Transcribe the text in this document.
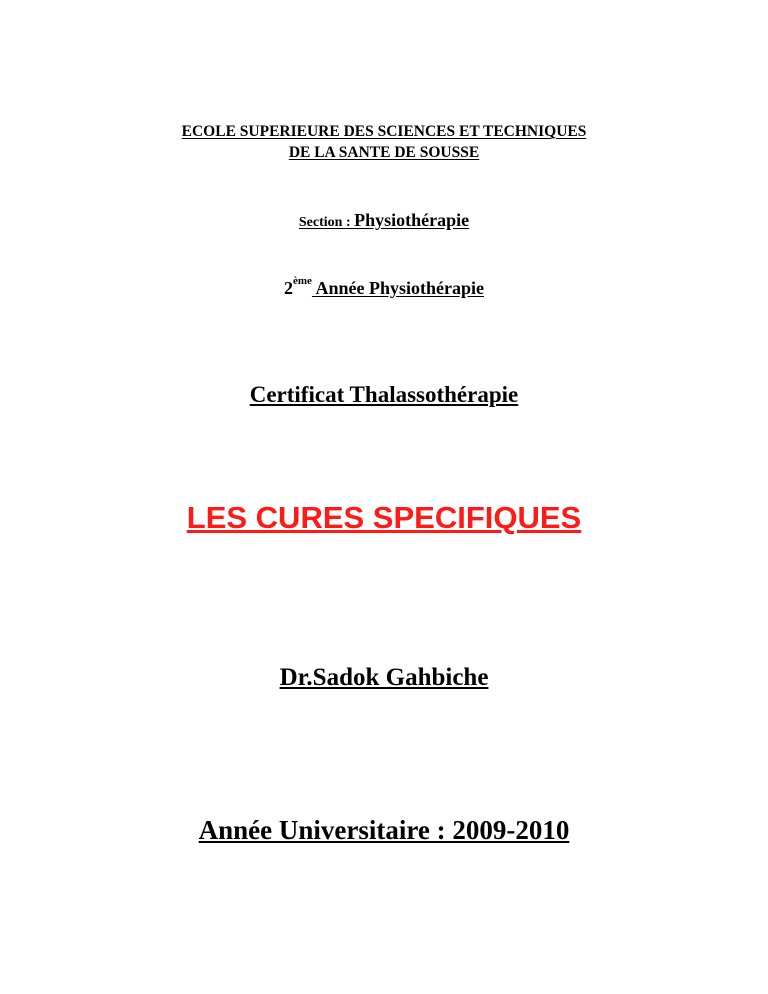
ECOLE SUPERIEURE DES SCIENCES ET TECHNIQUES
DE LA SANTE DE SOUSSE
Section : Physiothérapie
2ème Année Physiothérapie
Certificat Thalassothérapie
LES CURES SPECIFIQUES
Dr.Sadok Gahbiche
Année Universitaire : 2009-2010
